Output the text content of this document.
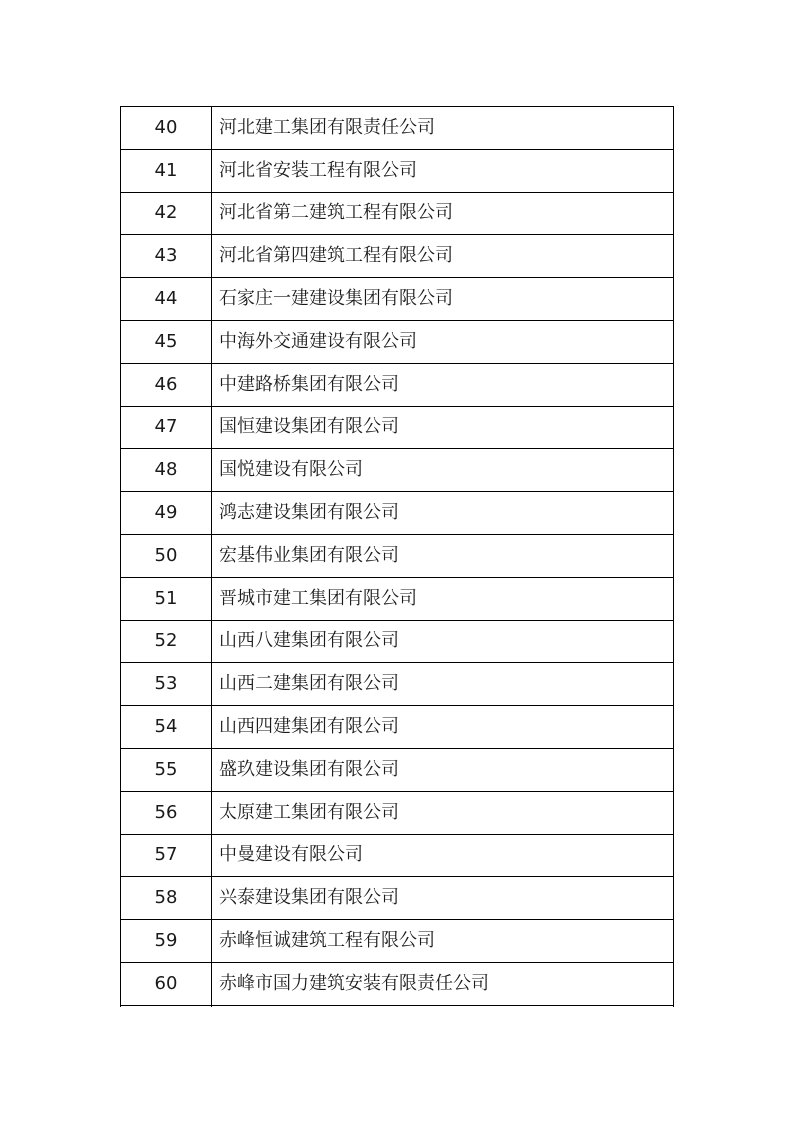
40	河北建工集团有限责任公司
41	河北省安装工程有限公司
42	河北省第二建筑工程有限公司
43	河北省第四建筑工程有限公司
44	石家庄一建建设集团有限公司
45	中海外交通建设有限公司
46	中建路桥集团有限公司
47	国恒建设集团有限公司
48	国悦建设有限公司
49	鸿志建设集团有限公司
50	宏基伟业集团有限公司
51	晋城市建工集团有限公司
52	山西八建集团有限公司
53	山西二建集团有限公司
54	山西四建集团有限公司
55	盛玖建设集团有限公司
56	太原建工集团有限公司
57	中曼建设有限公司
58	兴泰建设集团有限公司
59	赤峰恒诚建筑工程有限公司
60	赤峰市国力建筑安装有限责任公司
